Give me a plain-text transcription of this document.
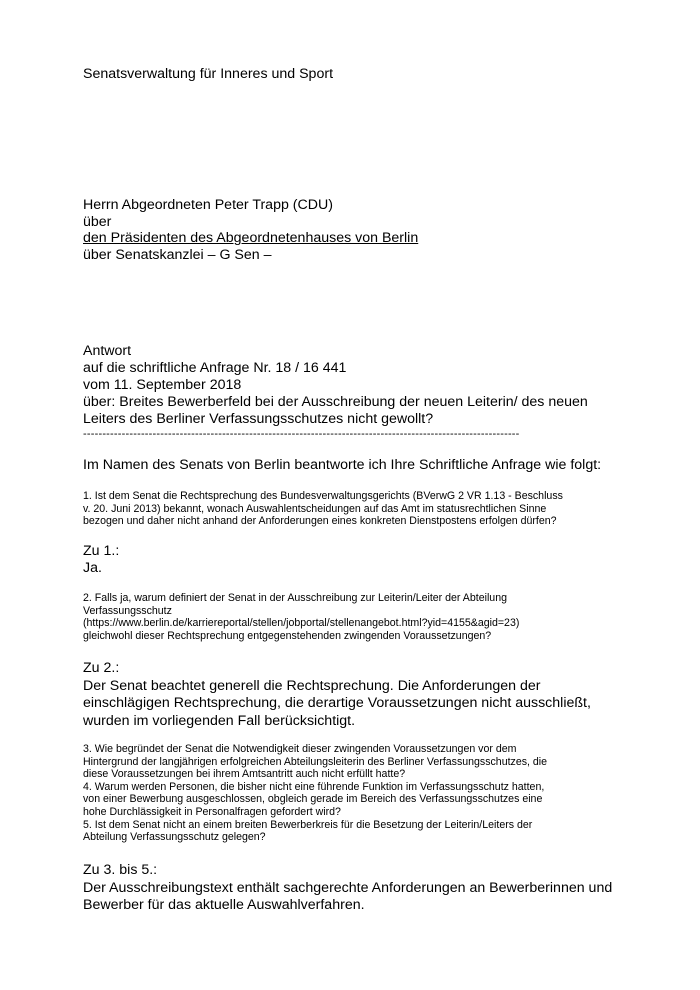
Senatsverwaltung für Inneres und Sport
Herrn Abgeordneten Peter Trapp (CDU)
über
den Präsidenten des Abgeordnetenhauses von Berlin
über Senatskanzlei – G Sen –
Antwort
auf die schriftliche Anfrage Nr. 18 / 16 441
vom 11. September 2018
über: Breites Bewerberfeld bei der Ausschreibung der neuen Leiterin/ des neuen
Leiters des Berliner Verfassungsschutzes nicht gewollt?
-----------------------------------------------------------------------------------------------------------------
Im Namen des Senats von Berlin beantworte ich Ihre Schriftliche Anfrage wie folgt:
1. Ist dem Senat die Rechtsprechung des Bundesverwaltungsgerichts (BVerwG 2 VR 1.13 - Beschluss
v. 20. Juni 2013) bekannt, wonach Auswahlentscheidungen auf das Amt im statusrechtlichen Sinne
bezogen und daher nicht anhand der Anforderungen eines konkreten Dienstpostens erfolgen dürfen?
Zu 1.:
Ja.
2. Falls ja, warum definiert der Senat in der Ausschreibung zur Leiterin/Leiter der Abteilung
Verfassungsschutz
(https://www.berlin.de/karriereportal/stellen/jobportal/stellenangebot.html?yid=4155&agid=23)
gleichwohl dieser Rechtsprechung entgegenstehenden zwingenden Voraussetzungen?
Zu 2.:
Der Senat beachtet generell die Rechtsprechung. Die Anforderungen der
einschlägigen Rechtsprechung, die derartige Voraussetzungen nicht ausschließt,
wurden im vorliegenden Fall berücksichtigt.
3. Wie begründet der Senat die Notwendigkeit dieser zwingenden Voraussetzungen vor dem
Hintergrund der langjährigen erfolgreichen Abteilungsleiterin des Berliner Verfassungsschutzes, die
diese Voraussetzungen bei ihrem Amtsantritt auch nicht erfüllt hatte?
4. Warum werden Personen, die bisher nicht eine führende Funktion im Verfassungsschutz hatten,
von einer Bewerbung ausgeschlossen, obgleich gerade im Bereich des Verfassungsschutzes eine
hohe Durchlässigkeit in Personalfragen gefordert wird?
5. Ist dem Senat nicht an einem breiten Bewerberkreis für die Besetzung der Leiterin/Leiters der
Abteilung Verfassungsschutz gelegen?
Zu 3. bis 5.:
Der Ausschreibungstext enthält sachgerechte Anforderungen an Bewerberinnen und
Bewerber für das aktuelle Auswahlverfahren.
